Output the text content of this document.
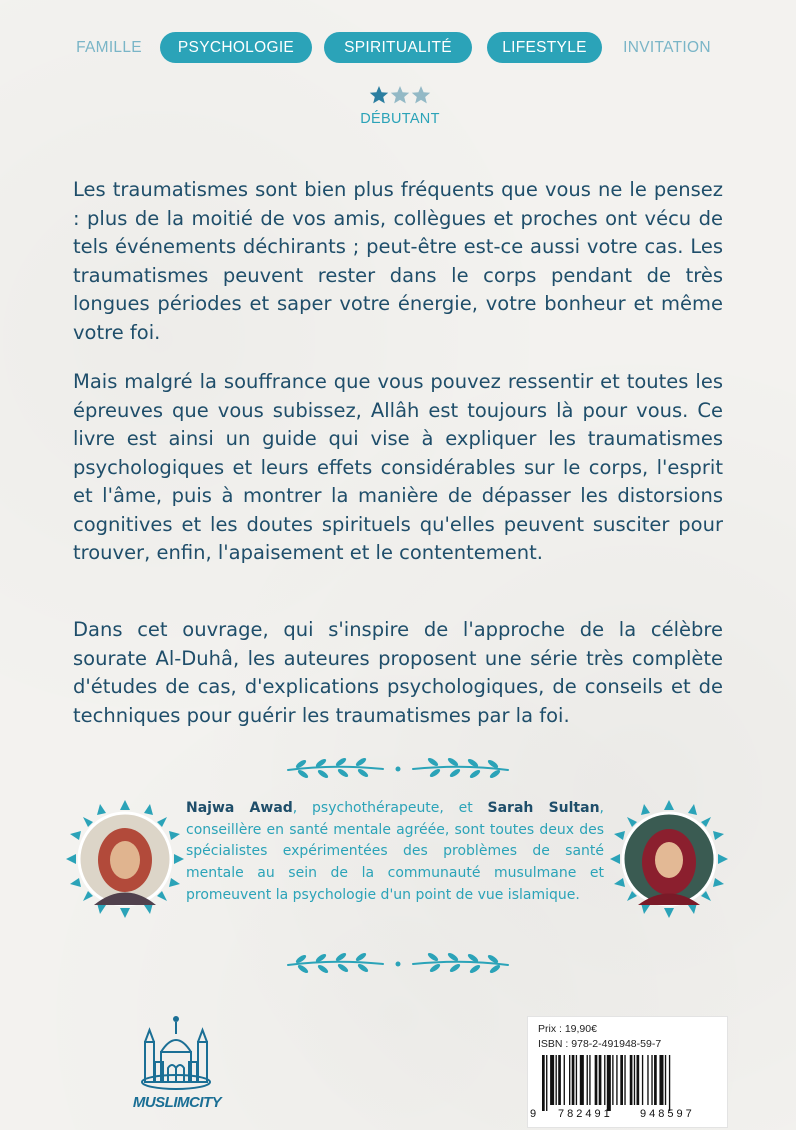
FAMILLE	PSYCHOLOGIE	SPIRITUALITÉ	LIFESTYLE	INVITATION
DÉBUTANT

Les traumatismes sont bien plus fréquents que vous ne le pensez : plus de la moitié de vos amis, collègues et proches ont vécu de tels événements déchirants ; peut-être est-ce aussi votre cas. Les traumatismes peuvent rester dans le corps pendant de très longues périodes et saper votre énergie, votre bonheur et même votre foi.

Mais malgré la souffrance que vous pouvez ressentir et toutes les épreuves que vous subissez, Allâh est toujours là pour vous. Ce livre est ainsi un guide qui vise à expliquer les traumatismes psychologiques et leurs effets considérables sur le corps, l'esprit et l'âme, puis à montrer la manière de dépasser les distorsions cognitives et les doutes spirituels qu'elles peuvent susciter pour trouver, enfin, l'apaisement et le contentement.

Dans cet ouvrage, qui s'inspire de l'approche de la célèbre sourate Al-Duhâ, les auteures proposent une série très complète d'études de cas, d'explications psychologiques, de conseils et de techniques pour guérir les traumatismes par la foi.

Najwa Awad, psychothérapeute, et Sarah Sultan, conseillère en santé mentale agréée, sont toutes deux des spécialistes expérimentées des problèmes de santé mentale au sein de la communauté musulmane et promeuvent la psychologie d'un point de vue islamique.

MUSLIMCITY
Prix : 19,90€
ISBN : 978-2-491948-59-7
9 782491 948597
